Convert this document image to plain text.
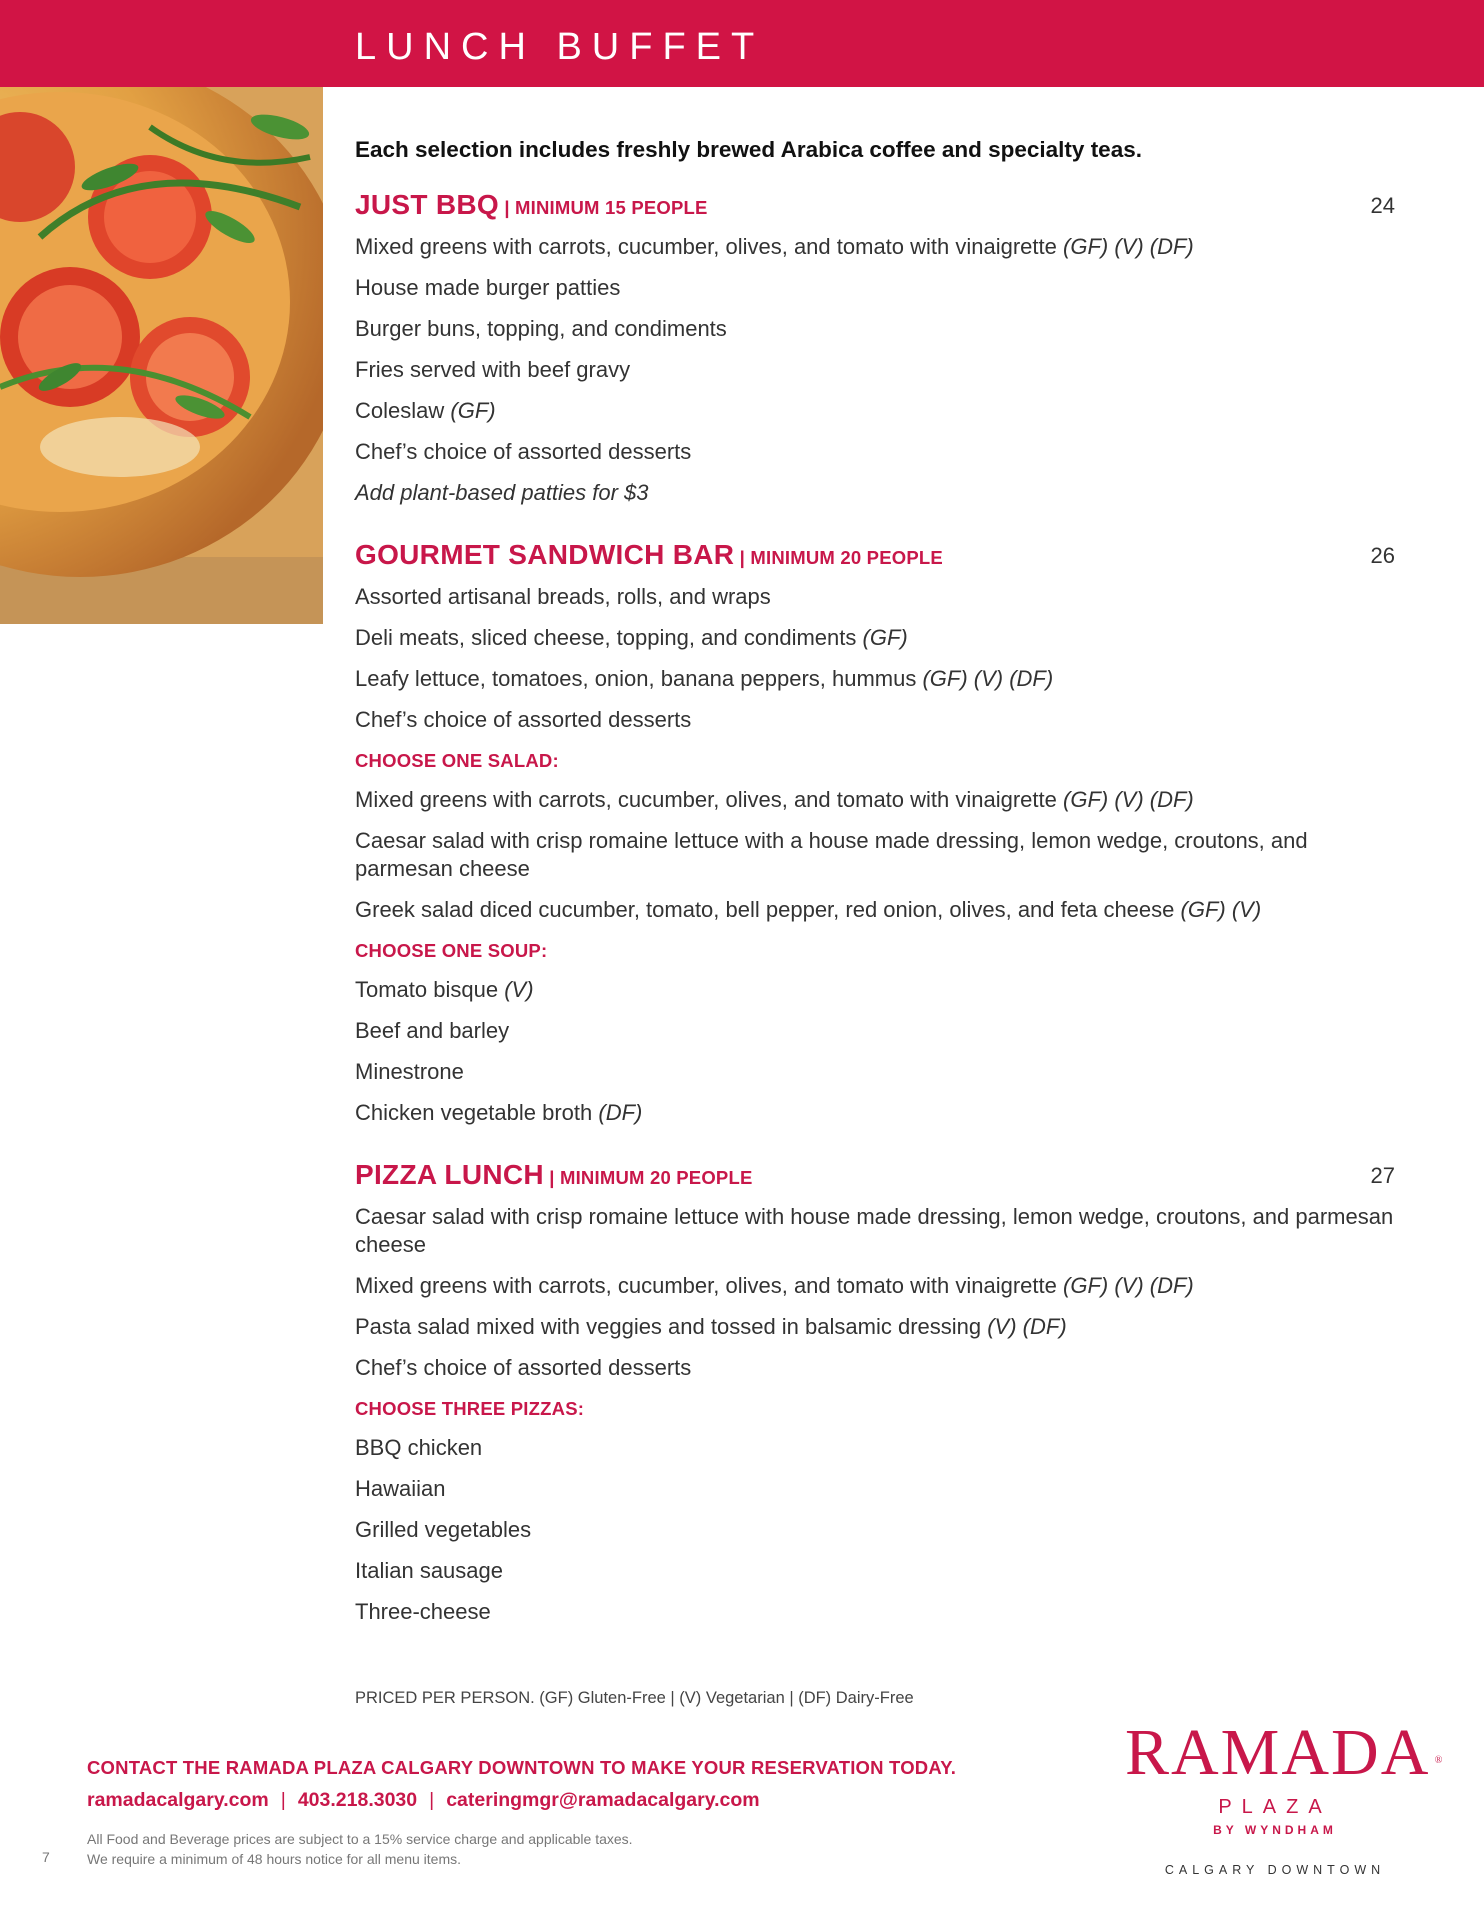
LUNCH BUFFET

Each selection includes freshly brewed Arabica coffee and specialty teas.

JUST BBQ | MINIMUM 15 PEOPLE	24

Mixed greens with carrots, cucumber, olives, and tomato with vinaigrette (GF) (V) (DF)

House made burger patties

Burger buns, topping, and condiments

Fries served with beef gravy

Coleslaw (GF)

Chef’s choice of assorted desserts

Add plant-based patties for $3

GOURMET SANDWICH BAR | MINIMUM 20 PEOPLE	26

Assorted artisanal breads, rolls, and wraps

Deli meats, sliced cheese, topping, and condiments (GF)

Leafy lettuce, tomatoes, onion, banana peppers, hummus (GF) (V) (DF)

Chef’s choice of assorted desserts

CHOOSE ONE SALAD:

Mixed greens with carrots, cucumber, olives, and tomato with vinaigrette (GF) (V) (DF)

Caesar salad with crisp romaine lettuce with a house made dressing, lemon wedge, croutons, and parmesan cheese

Greek salad diced cucumber, tomato, bell pepper, red onion, olives, and feta cheese (GF) (V)

CHOOSE ONE SOUP:

Tomato bisque (V)

Beef and barley

Minestrone

Chicken vegetable broth (DF)

PIZZA LUNCH | MINIMUM 20 PEOPLE	27

Caesar salad with crisp romaine lettuce with house made dressing, lemon wedge, croutons, and parmesan cheese

Mixed greens with carrots, cucumber, olives, and tomato with vinaigrette (GF) (V) (DF)

Pasta salad mixed with veggies and tossed in balsamic dressing (V) (DF)

Chef’s choice of assorted desserts

CHOOSE THREE PIZZAS:

BBQ chicken

Hawaiian

Grilled vegetables

Italian sausage

Three-cheese

PRICED PER PERSON. (GF) Gluten-Free | (V) Vegetarian | (DF) Dairy-Free
CONTACT THE RAMADA PLAZA CALGARY DOWNTOWN TO MAKE YOUR RESERVATION TODAY.
ramadacalgary.com | 403.218.3030 | cateringmgr@ramadacalgary.com
All Food and Beverage prices are subject to a 15% service charge and applicable taxes.
We require a minimum of 48 hours notice for all menu items.
7
RAMADA ®
PLAZA
BY WYNDHAM
CALGARY DOWNTOWN
